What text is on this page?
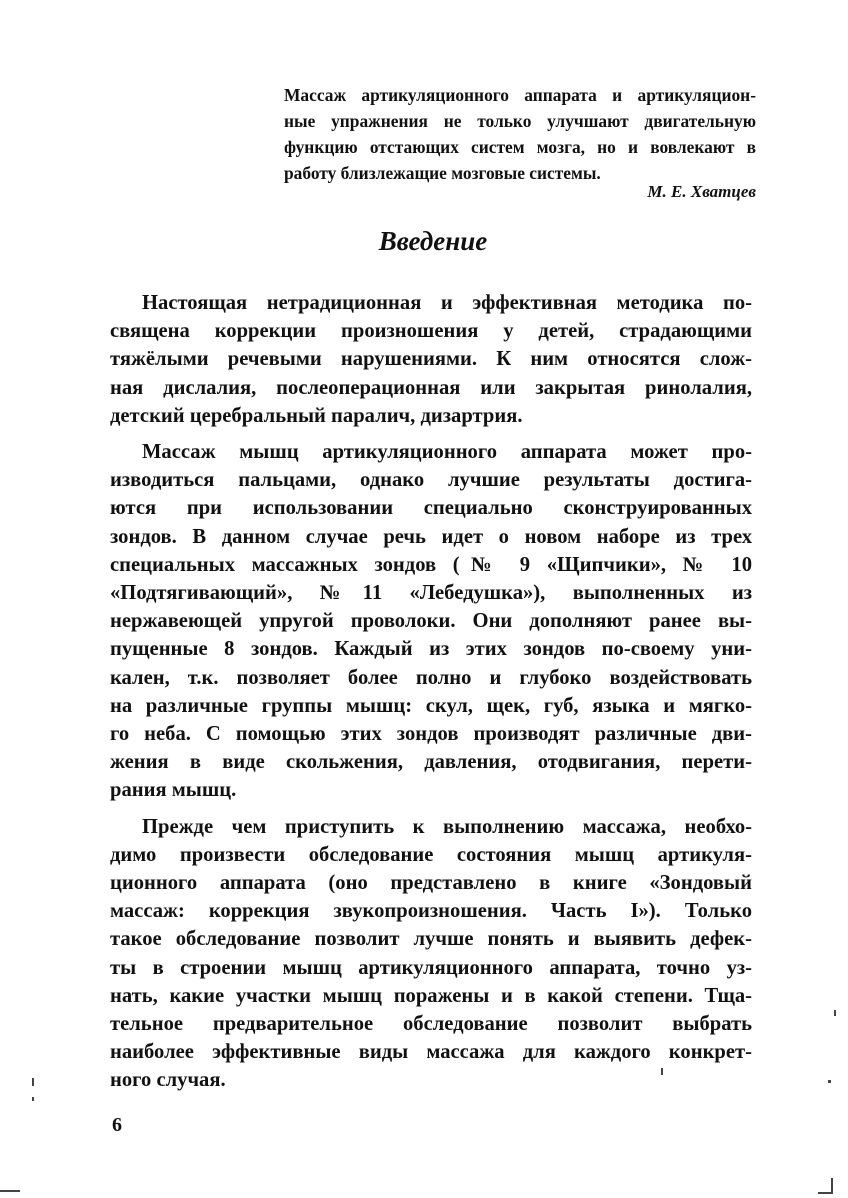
Массаж артикуляционного аппарата и артикуляцион-
ные упражнения не только улучшают двигательную
функцию отстающих систем мозга, но и вовлекают в
работу близлежащие мозговые системы.
М. Е. Хватцев
Введение
Настоящая нетрадиционная и эффективная методика по-
священа коррекции произношения у детей, страдающими
тяжёлыми речевыми нарушениями. К ним относятся слож-
ная дислалия, послеоперационная или закрытая ринолалия,
детский церебральный паралич, дизартрия.
Массаж мышц артикуляционного аппарата может про-
изводиться пальцами, однако лучшие результаты достига-
ются при использовании специально сконструированных
зондов. В данном случае речь идет о новом наборе из трех
специальных массажных зондов (№ 9 «Щипчики», № 10
«Подтягивающий», №11 «Лебедушка»), выполненных из
нержавеющей упругой проволоки. Они дополняют ранее вы-
пущенные 8 зондов. Каждый из этих зондов по-своему уни-
кален, т.к. позволяет более полно и глубоко воздействовать
на различные группы мышц: скул, щек, губ, языка и мягко-
го неба. С помощью этих зондов производят различные дви-
жения в виде скольжения, давления, отодвигания, перети-
рания мышц.
Прежде чем приступить к выполнению массажа, необхо-
димо произвести обследование состояния мышц артикуля-
ционного аппарата (оно представлено в книге «Зондовый
массаж: коррекция звукопроизношения. Часть I»). Только
такое обследование позволит лучше понять и выявить дефек-
ты в строении мышц артикуляционного аппарата, точно уз-
нать, какие участки мышц поражены и в какой степени. Тща-
тельное предварительное обследование позволит выбрать
наиболее эффективные виды массажа для каждого конкрет-
ного случая.
6
